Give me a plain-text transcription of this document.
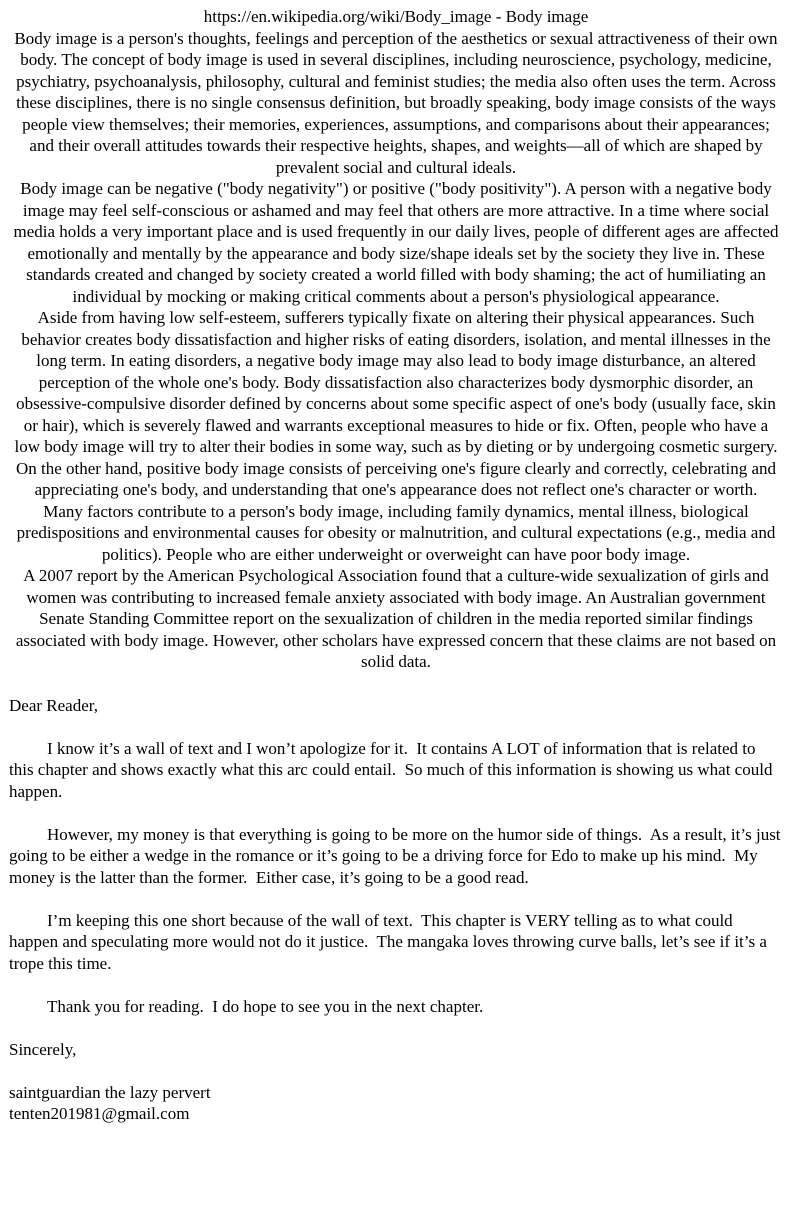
https://en.wikipedia.org/wiki/Body_image - Body image

Body image is a person's thoughts, feelings and perception of the aesthetics or sexual attractiveness of their own body. The concept of body image is used in several disciplines, including neuroscience, psychology, medicine, psychiatry, psychoanalysis, philosophy, cultural and feminist studies; the media also often uses the term. Across these disciplines, there is no single consensus definition, but broadly speaking, body image consists of the ways people view themselves; their memories, experiences, assumptions, and comparisons about their appearances; and their overall attitudes towards their respective heights, shapes, and weights—all of which are shaped by prevalent social and cultural ideals.

Body image can be negative ("body negativity") or positive ("body positivity"). A person with a negative body image may feel self-conscious or ashamed and may feel that others are more attractive. In a time where social media holds a very important place and is used frequently in our daily lives, people of different ages are affected emotionally and mentally by the appearance and body size/shape ideals set by the society they live in. These standards created and changed by society created a world filled with body shaming; the act of humiliating an individual by mocking or making critical comments about a person's physiological appearance.

Aside from having low self-esteem, sufferers typically fixate on altering their physical appearances. Such behavior creates body dissatisfaction and higher risks of eating disorders, isolation, and mental illnesses in the long term. In eating disorders, a negative body image may also lead to body image disturbance, an altered perception of the whole one's body. Body dissatisfaction also characterizes body dysmorphic disorder, an obsessive-compulsive disorder defined by concerns about some specific aspect of one's body (usually face, skin or hair), which is severely flawed and warrants exceptional measures to hide or fix. Often, people who have a low body image will try to alter their bodies in some way, such as by dieting or by undergoing cosmetic surgery. On the other hand, positive body image consists of perceiving one's figure clearly and correctly, celebrating and appreciating one's body, and understanding that one's appearance does not reflect one's character or worth.

Many factors contribute to a person's body image, including family dynamics, mental illness, biological predispositions and environmental causes for obesity or malnutrition, and cultural expectations (e.g., media and politics). People who are either underweight or overweight can have poor body image.

A 2007 report by the American Psychological Association found that a culture-wide sexualization of girls and women was contributing to increased female anxiety associated with body image. An Australian government Senate Standing Committee report on the sexualization of children in the media reported similar findings associated with body image. However, other scholars have expressed concern that these claims are not based on solid data.

Dear Reader,

I know it’s a wall of text and I won’t apologize for it.  It contains A LOT of information that is related to this chapter and shows exactly what this arc could entail.  So much of this information is showing us what could happen.

However, my money is that everything is going to be more on the humor side of things.  As a result, it’s just going to be either a wedge in the romance or it’s going to be a driving force for Edo to make up his mind.  My money is the latter than the former.  Either case, it’s going to be a good read.

I’m keeping this one short because of the wall of text.  This chapter is VERY telling as to what could happen and speculating more would not do it justice.  The mangaka loves throwing curve balls, let’s see if it’s a trope this time.

Thank you for reading.  I do hope to see you in the next chapter.

Sincerely,

saintguardian the lazy pervert

tenten201981@gmail.com
